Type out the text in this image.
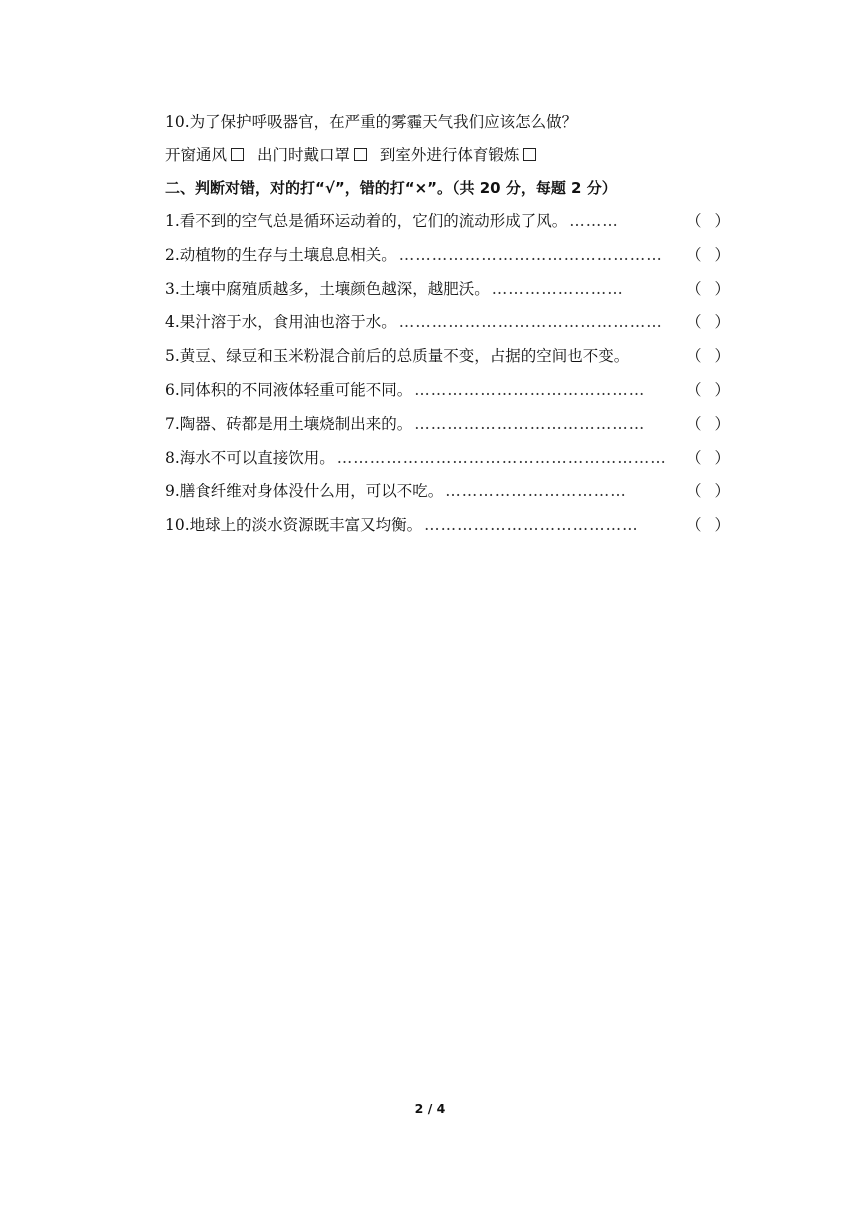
10.为了保护呼吸器官，在严重的雾霾天气我们应该怎么做？
开窗通风 出门时戴口罩 到室外进行体育锻炼
二、判断对错，对的打“√”，错的打“×”。（共 20 分，每题 2 分）
1.看不到的空气总是循环运动着的，它们的流动形成了风。 ………	（ ）
2.动植物的生存与土壤息息相关。 …………………………………………	（ ）
3.土壤中腐殖质越多，土壤颜色越深，越肥沃。 ……………………	（ ）
4.果汁溶于水，食用油也溶于水。 …………………………………………	（ ）
5.黄豆、绿豆和玉米粉混合前后的总质量不变，占据的空间也不变。	（ ）
6.同体积的不同液体轻重可能不同。 ……………………………………	（ ）
7.陶器、砖都是用土壤烧制出来的。 ……………………………………	（ ）
8.海水不可以直接饮用。 ……………………………………………………	（ ）
9.膳食纤维对身体没什么用，可以不吃。 ……………………………	（ ）
10.地球上的淡水资源既丰富又均衡。 …………………………………	（ ）
2 / 4
